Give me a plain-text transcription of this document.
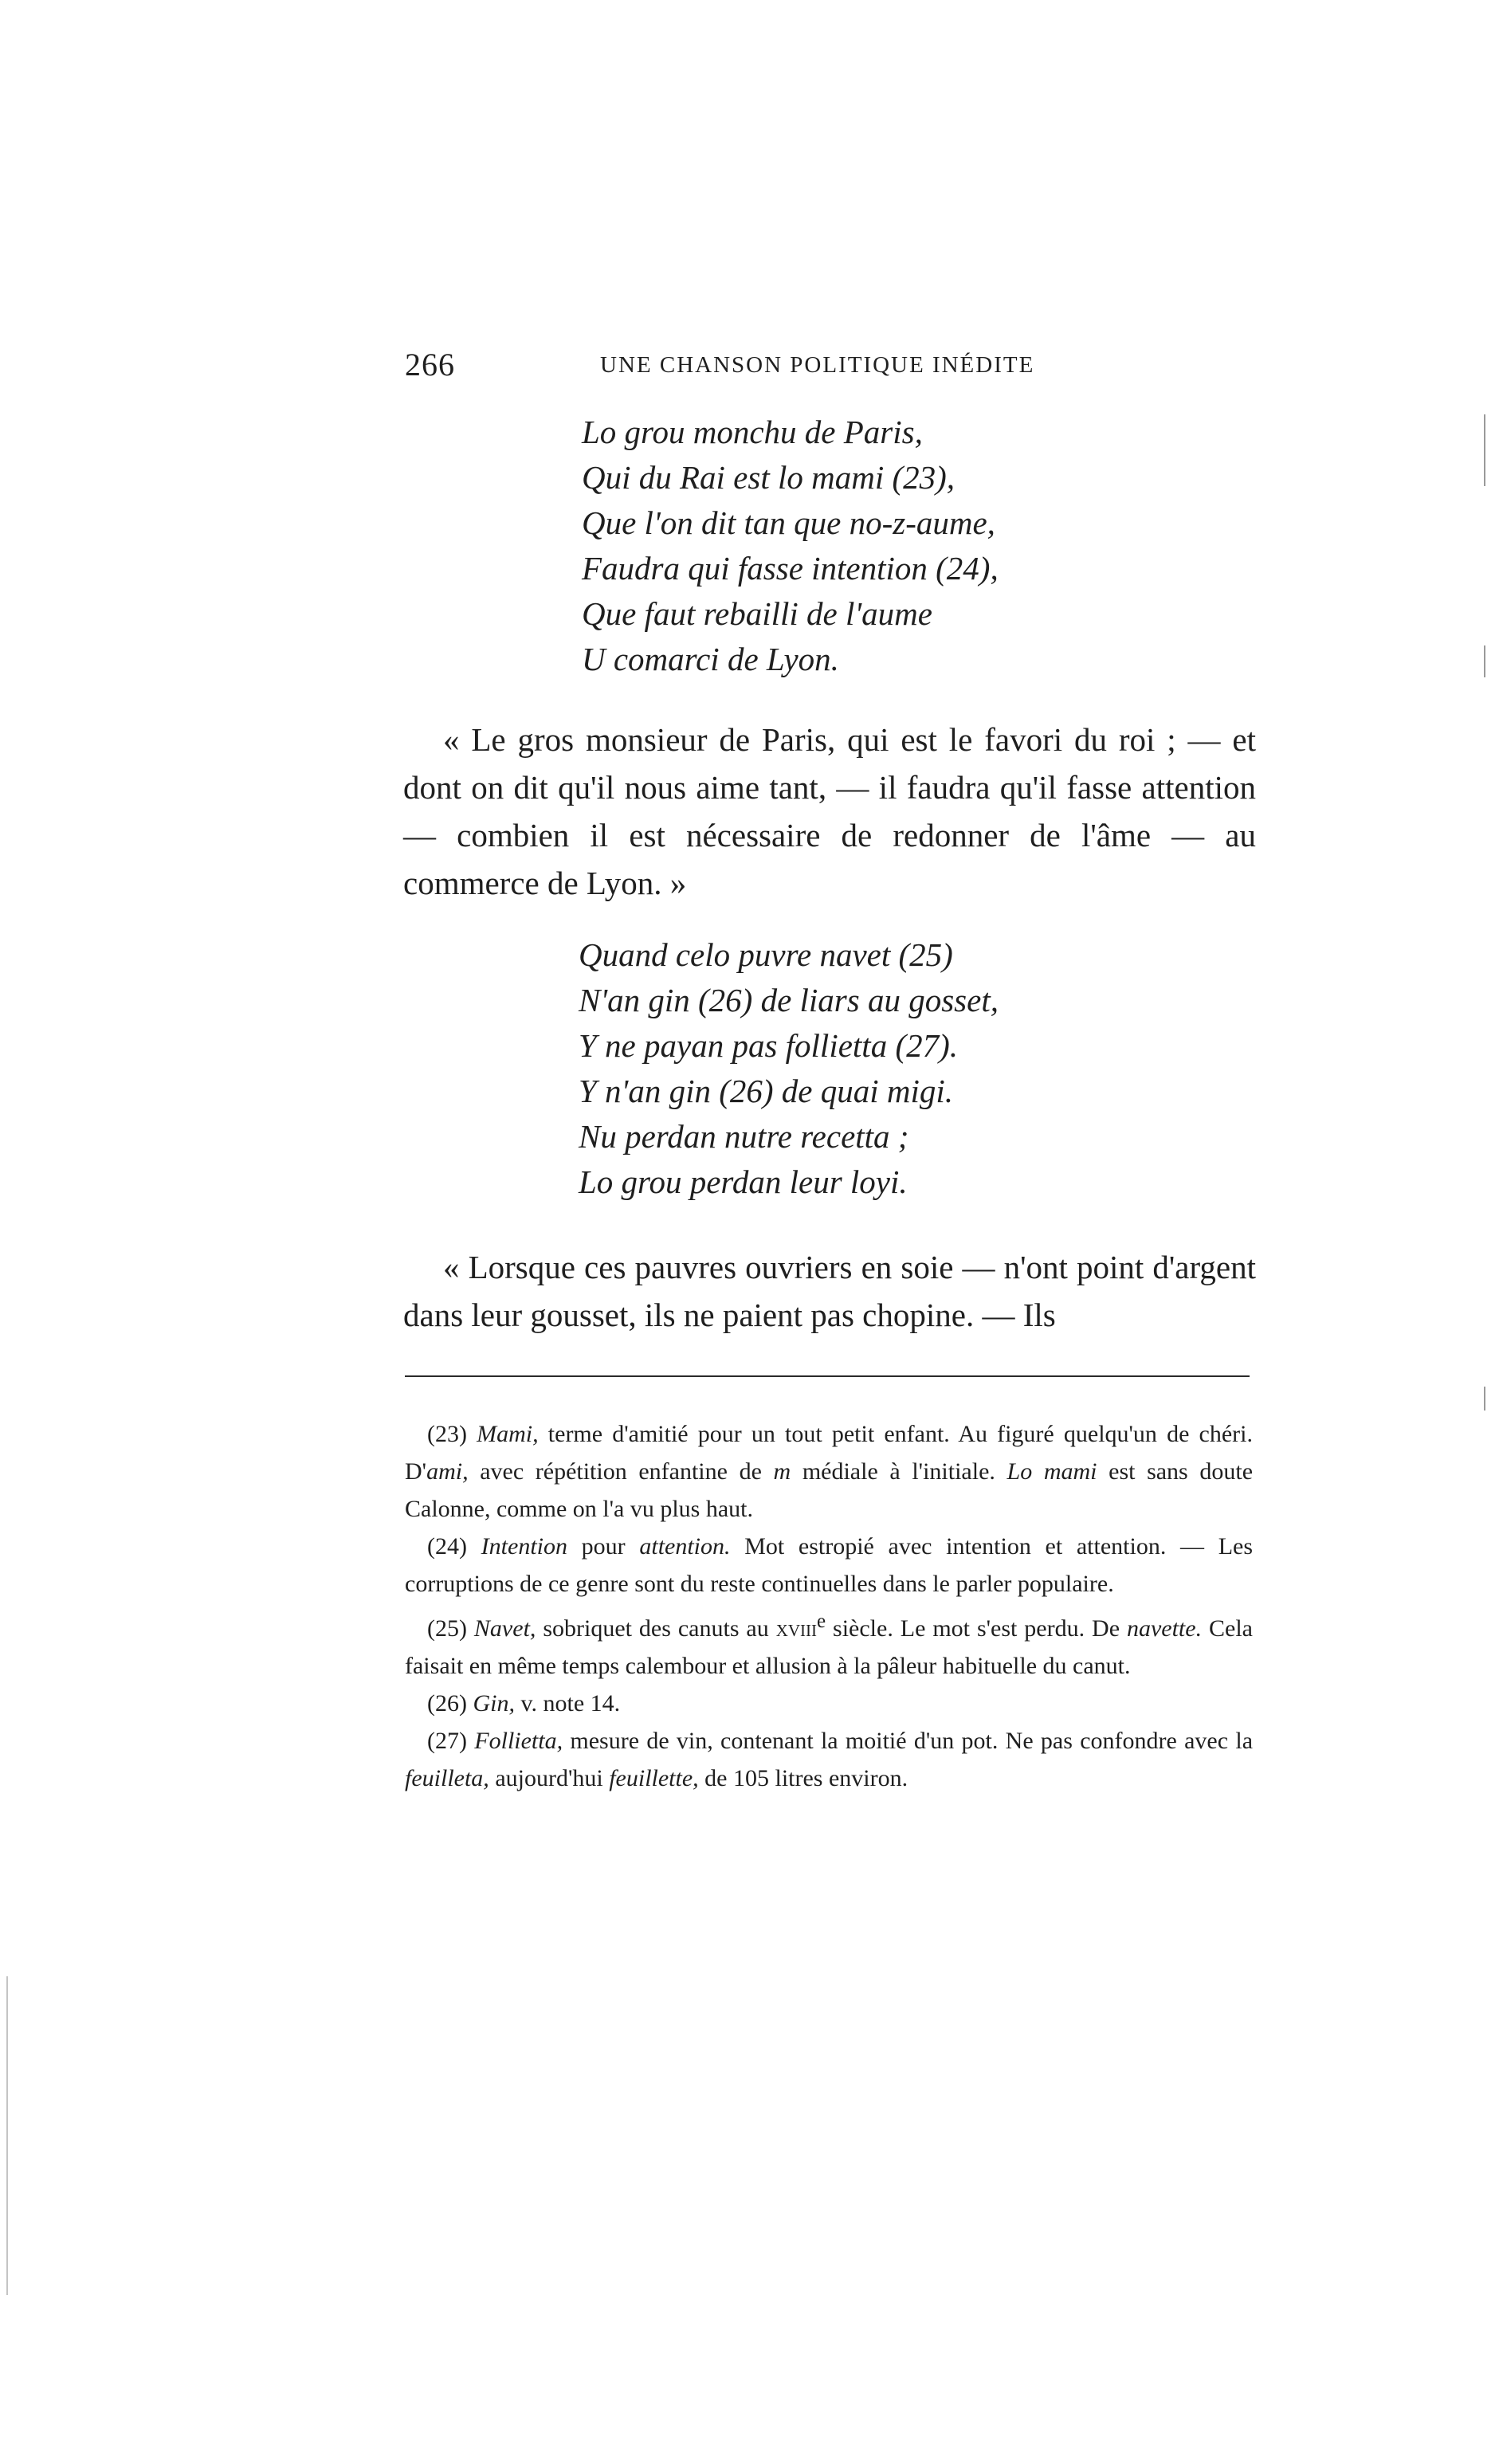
266	UNE CHANSON POLITIQUE INÉDITE
Lo grou monchu de Paris,
Qui du Rai est lo mami (23),
Que l'on dit tan que no-z-aume,
Faudra qui fasse intention (24),
Que faut rebailli de l'aume
U comarci de Lyon.

« Le gros monsieur de Paris, qui est le favori du roi ; — et dont on dit qu'il nous aime tant, — il faudra qu'il fasse attention — combien il est nécessaire de redonner de l'âme — au commerce de Lyon. »

Quand celo puvre navet (25)
N'an gin (26) de liars au gosset,
Y ne payan pas follietta (27).
Y n'an gin (26) de quai migi.
Nu perdan nutre recetta ;
Lo grou perdan leur loyi.

« Lorsque ces pauvres ouvriers en soie — n'ont point d'argent dans leur gousset, ils ne paient pas chopine. — Ils

(23) Mami, terme d'amitié pour un tout petit enfant. Au figuré quelqu'un de chéri. D'ami, avec répétition enfantine de m médiale à l'initiale. Lo mami est sans doute Calonne, comme on l'a vu plus haut.

(24) Intention pour attention. Mot estropié avec intention et attention. — Les corruptions de ce genre sont du reste continuelles dans le parler populaire.

(25) Navet, sobriquet des canuts au xviii$^e$ siècle. Le mot s'est perdu. De navette. Cela faisait en même temps calembour et allusion à la pâleur habituelle du canut.

(26) Gin, v. note 14.

(27) Follietta, mesure de vin, contenant la moitié d'un pot. Ne pas confondre avec la feuilleta, aujourd'hui feuillette, de 105 litres environ.
